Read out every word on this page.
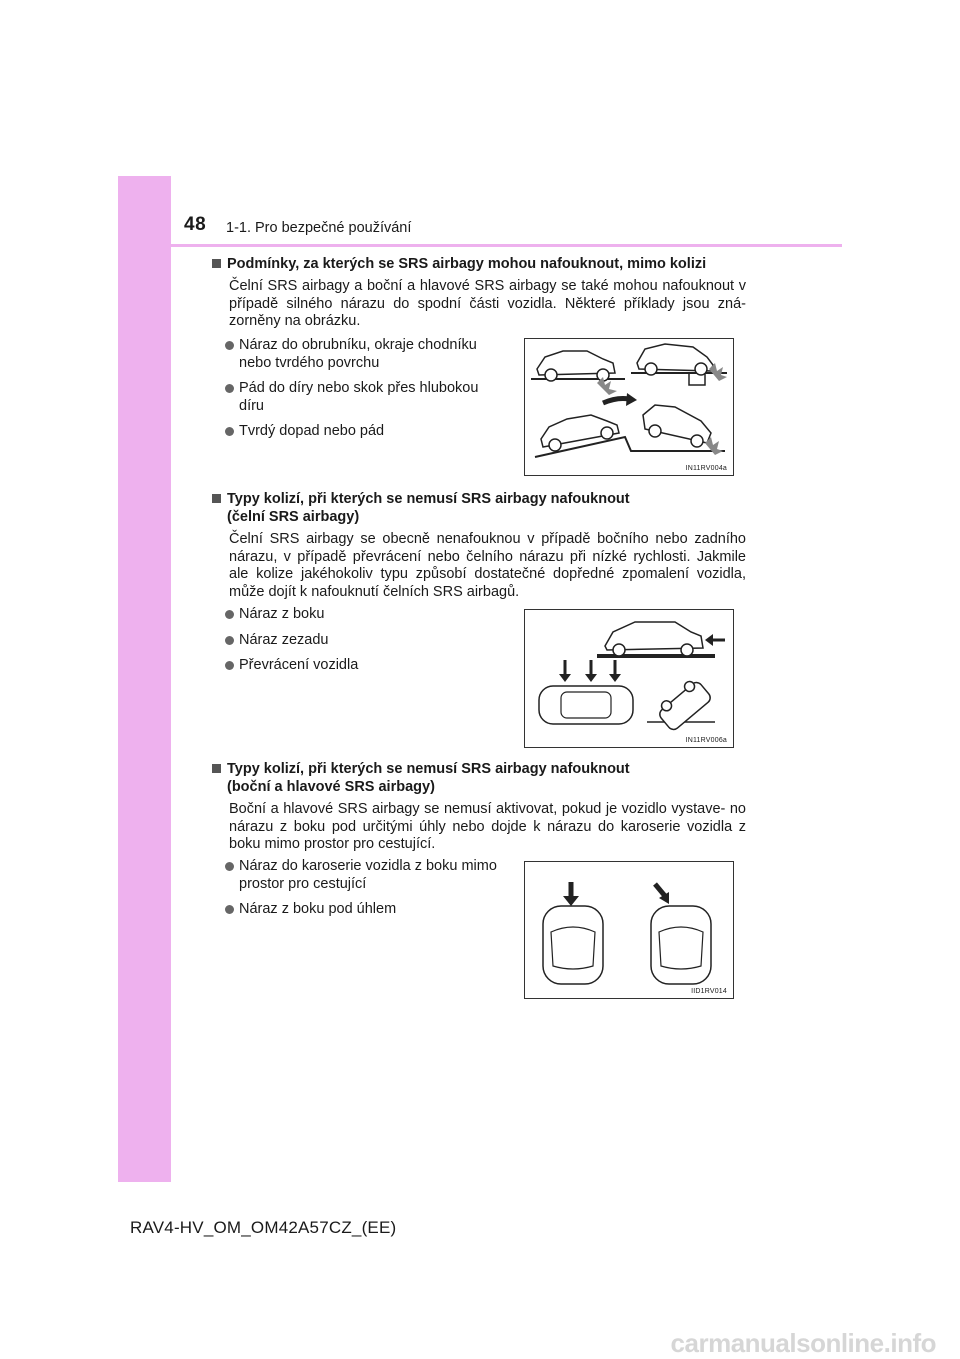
48 1-1. Pro bezpečné používání
Podmínky, za kterých se SRS airbagy mohou nafouknout, mimo kolizi
Čelní SRS airbagy a boční a hlavové SRS airbagy se také mohou nafouknout v případě silného nárazu do spodní části vozidla. Některé příklady jsou zná- zorněny na obrázku.
Náraz do obrubníku, okraje chodníku nebo tvrdého povrchu
Pád do díry nebo skok přes hlubokou díru
Tvrdý dopad nebo pád
IN11RV004a
Typy kolizí, při kterých se nemusí SRS airbagy nafouknout
(čelní SRS airbagy)
Čelní SRS airbagy se obecně nenafouknou v případě bočního nebo zadního nárazu, v případě převrácení nebo čelního nárazu při nízké rychlosti. Jakmile ale kolize jakéhokoliv typu způsobí dostatečné dopředné zpomalení vozidla, může dojít k nafouknutí čelních SRS airbagů.
Náraz z boku
Náraz zezadu
Převrácení vozidla
IN11RV006a
Typy kolizí, při kterých se nemusí SRS airbagy nafouknout
(boční a hlavové SRS airbagy)
Boční a hlavové SRS airbagy se nemusí aktivovat, pokud je vozidlo vystave- no nárazu z boku pod určitými úhly nebo dojde k nárazu do karoserie vozidla z boku mimo prostor pro cestující.
Náraz do karoserie vozidla z boku mimo prostor pro cestující
Náraz z boku pod úhlem
IID1RV014
RAV4-HV_OM_OM42A57CZ_(EE)
carmanualsonline.info
